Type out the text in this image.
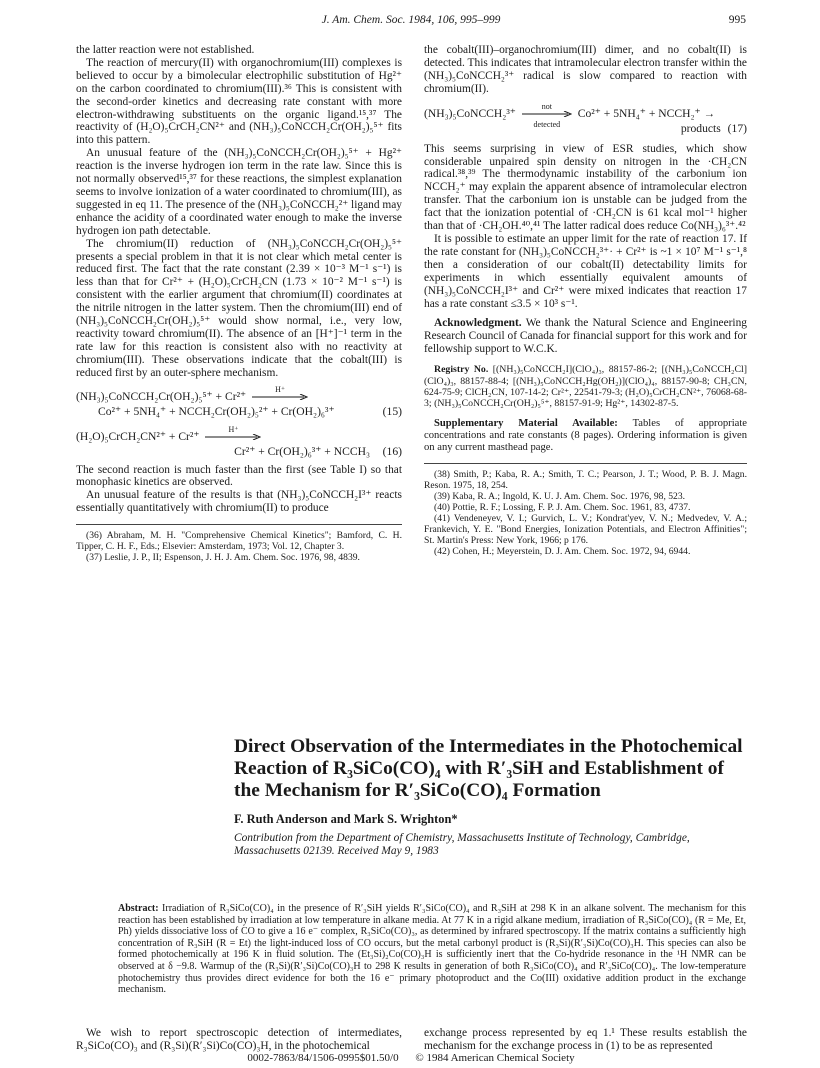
J. Am. Chem. Soc. 1984, 106, 995–999	995

the latter reaction were not established.

The reaction of mercury(II) with organochromium(III) complexes is believed to occur by a bimolecular electrophilic substitution of Hg²⁺ on the carbon coordinated to chromium(III).³⁶ This is consistent with the second-order kinetics and decreasing rate constant with more electron-withdrawing substituents on the organic ligand.¹⁵,³⁷ The reactivity of (H₂O)₅CrCH₂CN²⁺ and (NH₃)₅CoNCCH₂Cr(OH₂)₅⁵⁺ fits into this pattern.

An unusual feature of the (NH₃)₅CoNCCH₂Cr(OH₂)₅⁵⁺ + Hg²⁺ reaction is the inverse hydrogen ion term in the rate law. Since this is not normally observed¹⁵,³⁷ for these reactions, the simplest explanation seems to involve ionization of a water coordinated to chromium(III), as suggested in eq 11. The presence of the (NH₃)₅CoNCCH₂²⁺ ligand may enhance the acidity of a coordinated water enough to make the inverse hydrogen ion path detectable.

The chromium(II) reduction of (NH₃)₅CoNCCH₂Cr(OH₂)₅⁵⁺ presents a special problem in that it is not clear which metal center is reduced first. The fact that the rate constant (2.39 × 10⁻³ M⁻¹ s⁻¹) is less than that for Cr²⁺ + (H₂O)₅CrCH₂CN (1.73 × 10⁻² M⁻¹ s⁻¹) is consistent with the earlier argument that chromium(II) coordinates at the nitrile nitrogen in the latter system. Then the chromium(III) end of (NH₃)₅CoNCCH₂Cr(OH₂)₅⁵⁺ would show normal, i.e., very low, reactivity toward chromium(II). The absence of an [H⁺]⁻¹ term in the rate law for this reaction is consistent also with no reactivity at chromium(III). These observations indicate that the cobalt(III) is reduced first by an outer-sphere mechanism.

(NH₃)₅CoNCCH₂Cr(OH₂)₅⁵⁺ + Cr²⁺
H⁺
Co²⁺ + 5NH₄⁺ + NCCH₂Cr(OH₂)₅²⁺ + Cr(OH₂)₆³⁺	(15)
(H₂O)₅CrCH₂CN²⁺ + Cr²⁺
H⁺
Cr²⁺ + Cr(OH₂)₆³⁺ + NCCH₃ (16)

The second reaction is much faster than the first (see Table I) so that monophasic kinetics are observed.

An unusual feature of the results is that (NH₃)₅CoNCCH₂I³⁺ reacts essentially quantitatively with chromium(II) to produce

(36) Abraham, M. H. "Comprehensive Chemical Kinetics"; Bamford, C. H. Tipper, C. H. F., Eds.; Elsevier: Amsterdam, 1973; Vol. 12, Chapter 3.

(37) Leslie, J. P., II; Espenson, J. H. J. Am. Chem. Soc. 1976, 98, 4839.

the cobalt(III)–organochromium(III) dimer, and no cobalt(II) is detected. This indicates that intramolecular electron transfer within the (NH₃)₅CoNCCH₂³⁺ radical is slow compared to reaction with chromium(II).

(NH₃)₅CoNCCH₂³⁺
not
detected
Co²⁺ + 5NH₄⁺ + NCCH₂⁺ →
products (17)

This seems surprising in view of ESR studies, which show considerable unpaired spin density on nitrogen in the ·CH₂CN radical.³⁸,³⁹ The thermodynamic instability of the carbonium ion NCCH₂⁺ may explain the apparent absence of intramolecular electron transfer. That the carbonium ion is unstable can be judged from the fact that the ionization potential of ·CH₂CN is 61 kcal mol⁻¹ higher than that of ·CH₂OH.⁴⁰,⁴¹ The latter radical does reduce Co(NH₃)₆³⁺.⁴²

It is possible to estimate an upper limit for the rate of reaction 17. If the rate constant for (NH₃)₅CoNCCH₂³⁺· + Cr²⁺ is ~1 × 10⁷ M⁻¹ s⁻¹,⁸ then a consideration of our cobalt(II) detectability limits for experiments in which essentially equivalent amounts of (NH₃)₅CoNCCH₂I³⁺ and Cr²⁺ were mixed indicates that reaction 17 has a rate constant ≤3.5 × 10³ s⁻¹.

Acknowledgment. We thank the Natural Science and Engineering Research Council of Canada for financial support for this work and for fellowship support to W.C.K.

Registry No. [(NH₃)₅CoNCCH₂I](ClO₄)₃, 88157-86-2; [(NH₃)₅CoNCCH₂Cl](ClO₄)₃, 88157-88-4; [(NH₃)₅CoNCCH₂Hg(OH₂)](ClO₄)₄, 88157-90-8; CH₃CN, 624-75-9; ClCH₂CN, 107-14-2; Cr²⁺, 22541-79-3; (H₂O)₅CrCH₂CN²⁺, 76068-68-3; (NH₃)₅CoNCCH₂Cr(OH₂)₅⁵⁺, 88157-91-9; Hg²⁺, 14302-87-5.

Supplementary Material Available: Tables of appropriate concentrations and rate constants (8 pages). Ordering information is given on any current masthead page.

(38) Smith, P.; Kaba, R. A.; Smith, T. C.; Pearson, J. T.; Wood, P. B. J. Magn. Reson. 1975, 18, 254.

(39) Kaba, R. A.; Ingold, K. U. J. Am. Chem. Soc. 1976, 98, 523.

(40) Pottie, R. F.; Lossing, F. P. J. Am. Chem. Soc. 1961, 83, 4737.

(41) Vendeneyev, V. I.; Gurvich, L. V.; Kondrat'yev, V. N.; Medvedev, V. A.; Frankevich, Y. E. "Bond Energies, Ionization Potentials, and Electron Affinities"; St. Martin's Press: New York, 1966; p 176.

(42) Cohen, H.; Meyerstein, D. J. Am. Chem. Soc. 1972, 94, 6944.

Direct Observation of the Intermediates in the Photochemical Reaction of R₃SiCo(CO)₄ with R′₃SiH and Establishment of the Mechanism for R′₃SiCo(CO)₄ Formation

F. Ruth Anderson and Mark S. Wrighton*

Contribution from the Department of Chemistry, Massachusetts Institute of Technology, Cambridge, Massachusetts 02139. Received May 9, 1983

Abstract: Irradiation of R₃SiCo(CO)₄ in the presence of R′₃SiH yields R′₃SiCo(CO)₄ and R₃SiH at 298 K in an alkane solvent. The mechanism for this reaction has been established by irradiation at low temperature in alkane media. At 77 K in a rigid alkane medium, irradiation of R₃SiCo(CO)₄ (R = Me, Et, Ph) yields dissociative loss of CO to give a 16 e⁻ complex, R₃SiCo(CO)₃, as determined by infrared spectroscopy. If the matrix contains a sufficiently high concentration of R₃SiH (R = Et) the light-induced loss of CO occurs, but the metal carbonyl product is (R₃Si)(R′₃Si)Co(CO)₃H. This species can also be formed photochemically at 196 K in fluid solution. The (Et₃Si)₂Co(CO)₃H is sufficiently inert that the Co-hydride resonance in the ¹H NMR can be observed at δ −9.8. Warmup of the (R₃Si)(R′₃Si)Co(CO)₃H to 298 K results in generation of both R₃SiCo(CO)₄ and R′₃SiCo(CO)₄. The low-temperature photochemistry thus provides direct evidence for both the 16 e⁻ primary photoproduct and the Co(III) oxidative addition product in the exchange mechanism.

We wish to report spectroscopic detection of intermediates, R₃SiCo(CO)₃ and (R₃Si)(R′₃Si)Co(CO)₃H, in the photochemical

exchange process represented by eq 1.¹ These results establish the mechanism for the exchange process in (1) to be as represented

0002-7863/84/1506-0995$01.50/0 © 1984 American Chemical Society
